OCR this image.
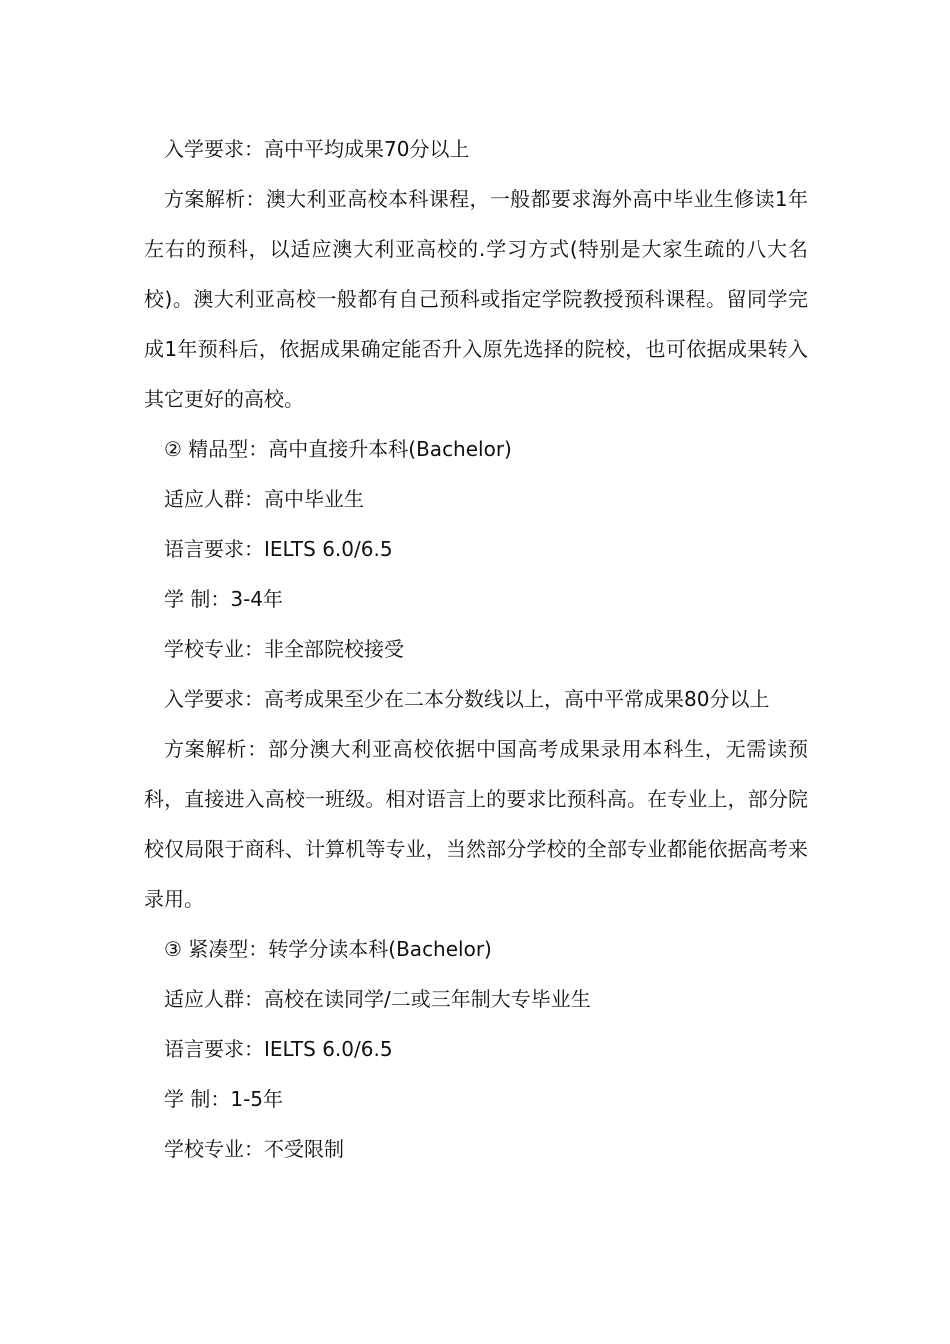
入学要求：高中平均成果70分以上

方案解析：澳大利亚高校本科课程，一般都要求海外高中毕业生修读1年左右的预科，以适应澳大利亚高校的.学习方式(特别是大家生疏的八大名校)。澳大利亚高校一般都有自己预科或指定学院教授预科课程。留同学完成1年预科后，依据成果确定能否升入原先选择的院校，也可依据成果转入其它更好的高校。

② 精品型：高中直接升本科(Bachelor)

适应人群：高中毕业生

语言要求：IELTS 6.0/6.5

学 制：3-4年

学校专业：非全部院校接受

入学要求：高考成果至少在二本分数线以上，高中平常成果80分以上

方案解析：部分澳大利亚高校依据中国高考成果录用本科生，无需读预科，直接进入高校一班级。相对语言上的要求比预科高。在专业上，部分院校仅局限于商科、计算机等专业，当然部分学校的全部专业都能依据高考来录用。

③ 紧凑型：转学分读本科(Bachelor)

适应人群：高校在读同学/二或三年制大专毕业生

语言要求：IELTS 6.0/6.5

学 制：1-5年

学校专业：不受限制
